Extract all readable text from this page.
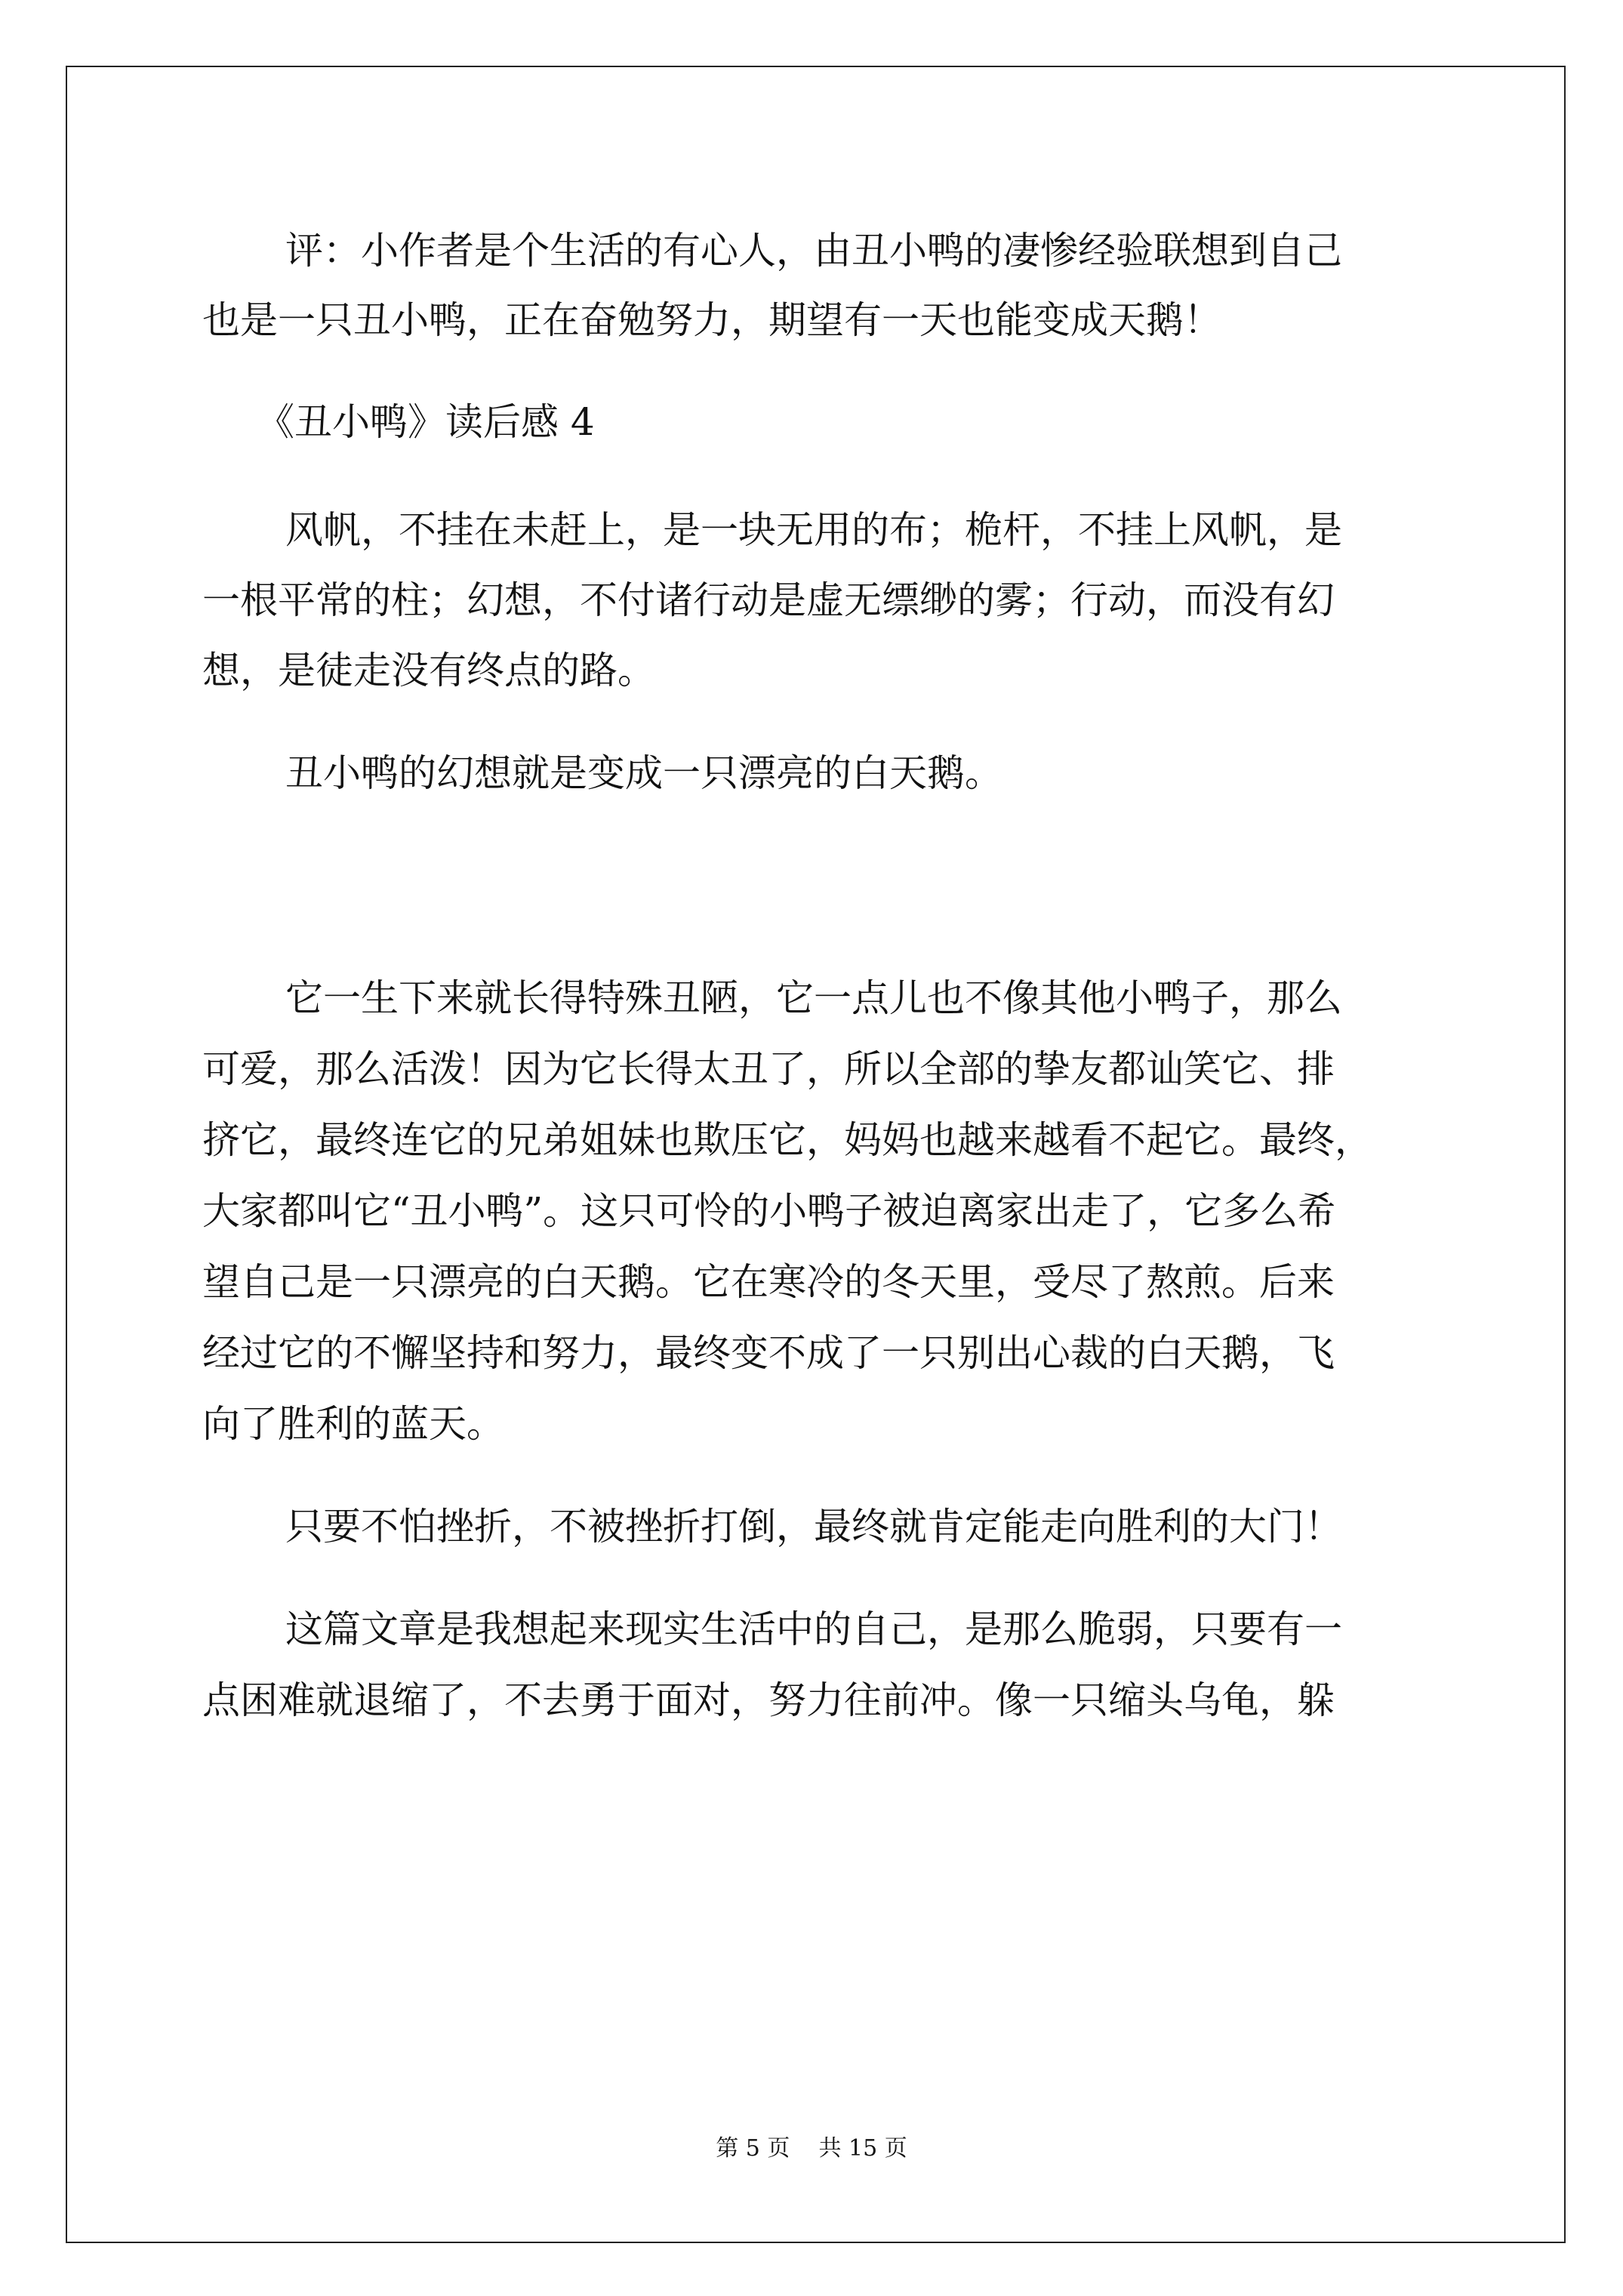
评：小作者是个生活的有心人，由丑小鸭的凄惨经验联想到自己
也是一只丑小鸭，正在奋勉努力，期望有一天也能变成天鹅！
《丑小鸭》读后感 4
风帆，不挂在未赶上，是一块无用的布；桅杆，不挂上风帆，是
一根平常的柱；幻想，不付诸行动是虚无缥缈的雾；行动，而没有幻
想，是徒走没有终点的路。
丑小鸭的幻想就是变成一只漂亮的白天鹅。
它一生下来就长得特殊丑陋，它一点儿也不像其他小鸭子，那么
可爱，那么活泼！因为它长得太丑了，所以全部的挚友都讪笑它、排
挤它，最终连它的兄弟姐妹也欺压它，妈妈也越来越看不起它。最终，
大家都叫它“丑小鸭”。这只可怜的小鸭子被迫离家出走了，它多么希
望自己是一只漂亮的白天鹅。它在寒冷的冬天里，受尽了熬煎。后来
经过它的不懈坚持和努力，最终变不成了一只别出心裁的白天鹅，飞
向了胜利的蓝天。
只要不怕挫折，不被挫折打倒，最终就肯定能走向胜利的大门！
这篇文章是我想起来现实生活中的自己，是那么脆弱，只要有一
点困难就退缩了，不去勇于面对，努力往前冲。像一只缩头乌龟，躲
第 5 页    共 15 页
